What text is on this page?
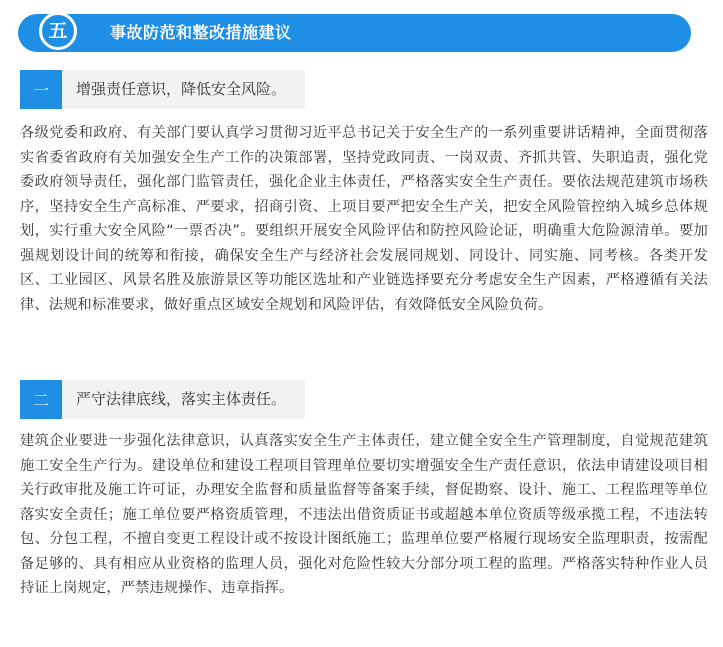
五	事故防范和整改措施建议
一	增强责任意识，降低安全风险。

各级党委和政府、有关部门要认真学习贯彻习近平总书记关于安全生产的一系列重要讲话精神，全面贯彻落实省委省政府有关加强安全生产工作的决策部署，坚持党政同责、一岗双责、齐抓共管、失职追责，强化党委政府领导责任，强化部门监管责任，强化企业主体责任，严格落实安全生产责任。要依法规范建筑市场秩序，坚持安全生产高标准、严要求，招商引资、上项目要严把安全生产关，把安全风险管控纳入城乡总体规划，实行重大安全风险“一票否决”。要组织开展安全风险评估和防控风险论证，明确重大危险源清单。要加强规划设计间的统筹和衔接，确保安全生产与经济社会发展同规划、同设计、同实施、同考核。各类开发区、工业园区、风景名胜及旅游景区等功能区选址和产业链选择要充分考虑安全生产因素，严格遵循有关法律、法规和标准要求，做好重点区域安全规划和风险评估，有效降低安全风险负荷。

二	严守法律底线，落实主体责任。

建筑企业要进一步强化法律意识，认真落实安全生产主体责任，建立健全安全生产管理制度，自觉规范建筑施工安全生产行为。建设单位和建设工程项目管理单位要切实增强安全生产责任意识，依法申请建设项目相关行政审批及施工许可证，办理安全监督和质量监督等备案手续，督促勘察、设计、施工、工程监理等单位落实安全责任；施工单位要严格资质管理，不违法出借资质证书或超越本单位资质等级承揽工程，不违法转包、分包工程，不擅自变更工程设计或不按设计图纸施工；监理单位要严格履行现场安全监理职责，按需配备足够的、具有相应从业资格的监理人员，强化对危险性较大分部分项工程的监理。严格落实特种作业人员持证上岗规定，严禁违规操作、违章指挥。
